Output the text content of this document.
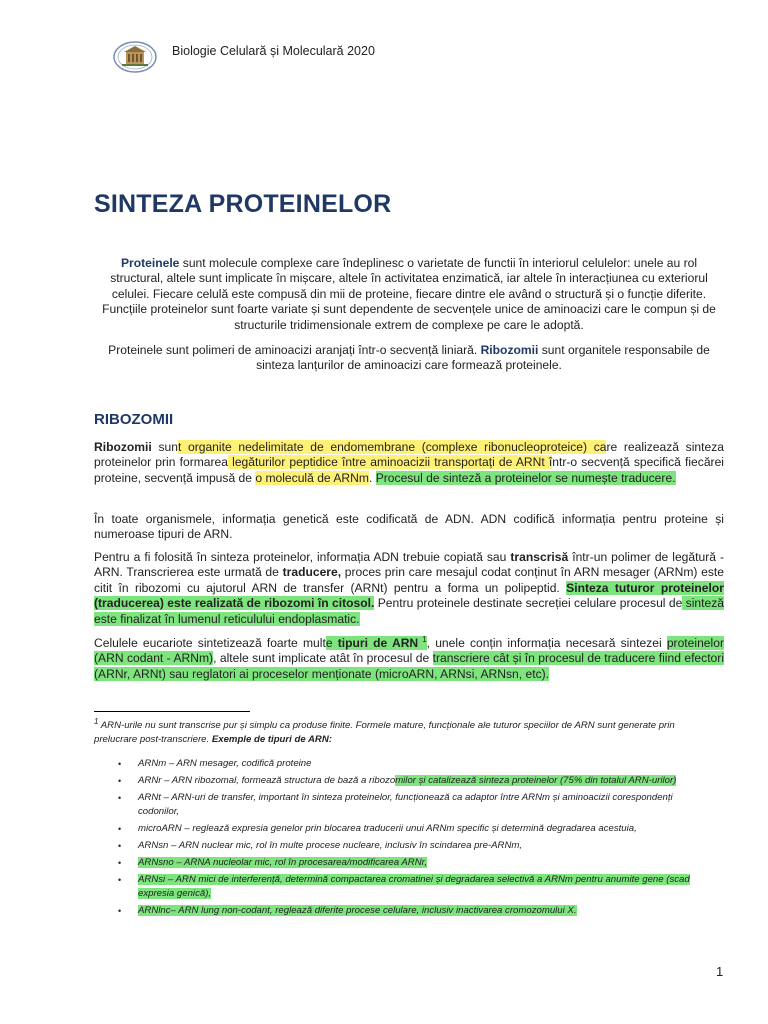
Biologie Celulară și Moleculară 2020
SINTEZA PROTEINELOR

Proteinele sunt molecule complexe care îndeplinesc o varietate de functii în interiorul celulelor: unele au rol structural, altele sunt implicate în mișcare, altele în activitatea enzimatică, iar altele în interacțiunea cu exteriorul celulei. Fiecare celulă este compusă din mii de proteine, fiecare dintre ele având o structură și o funcție diferite. Funcțiile proteinelor sunt foarte variate și sunt dependente de secvențele unice de aminoacizi care le compun și de structurile tridimensionale extrem de complexe pe care le adoptă.

Proteinele sunt polimeri de aminoacizi aranjați într-o secvență liniară. Ribozomii sunt organitele responsabile de sinteza lanțurilor de aminoacizi care formează proteinele.

RIBOZOMII

Ribozomii sunt organite nedelimitate de endomembrane (complexe ribonucleoproteice) care realizează sinteza proteinelor prin formarea legăturilor peptidice între aminoacizii transportați de ARNt într-o secvență specifică fiecărei proteine, secvență impusă de o moleculă de ARNm. Procesul de sinteză a proteinelor se numește traducere.

În toate organismele, informația genetică este codificată de ADN. ADN codifică informația pentru proteine și numeroase tipuri de ARN.

Pentru a fi folosită în sinteza proteinelor, informația ADN trebuie copiată sau transcrisă într-un polimer de legătură - ARN. Transcrierea este urmată de traducere, proces prin care mesajul codat conținut în ARN mesager (ARNm) este citit în ribozomi cu ajutorul ARN de transfer (ARNt) pentru a forma un polipeptid. Sinteza tuturor proteinelor (traducerea) este realizată de ribozomi în citosol. Pentru proteinele destinate secreției celulare procesul de sinteză este finalizat în lumenul reticulului endoplasmatic.

Celulele eucariote sintetizează foarte multe tipuri de ARN $^1$, unele conțin informația necesară sintezei proteinelor (ARN codant - ARNm), altele sunt implicate atât în procesul de transcriere cât și în procesul de traducere fiind efectori (ARNr, ARNt) sau reglatori ai proceselor menționate (microARN, ARNsi, ARNsn, etc).

$^1$ ARN-urile nu sunt transcrise pur și simplu ca produse finite. Formele mature, funcționale ale tuturor speciilor de ARN sunt generate prin prelucrare post-transcriere. Exemple de tipuri de ARN:

• ARNm – ARN mesager, codifică proteine
• ARNr – ARN ribozomal, formează structura de bază a ribozomilor și catalizează sinteza proteinelor (75% din totalul ARN-urilor)
• ARNt – ARN-uri de transfer, important în sinteza proteinelor, funcționează ca adaptor între ARNm și aminoacizii corespondenți codonilor,
• microARN – reglează expresia genelor prin blocarea traducerii unui ARNm specific și determină degradarea acestuia,
• ARNsn – ARN nuclear mic, rol în multe procese nucleare, inclusiv în scindarea pre-ARNm,
• ARNsno – ARNA nucleolar mic, rol în procesarea/modificarea ARNr,
• ARNsi – ARN mici de interferență, determină compactarea cromatinei și degradarea selectivă a ARNm pentru anumite gene (scad expresia genică),
• ARNlnc– ARN lung non-codant, reglează diferite procese celulare, inclusiv inactivarea cromozomului X.
1
